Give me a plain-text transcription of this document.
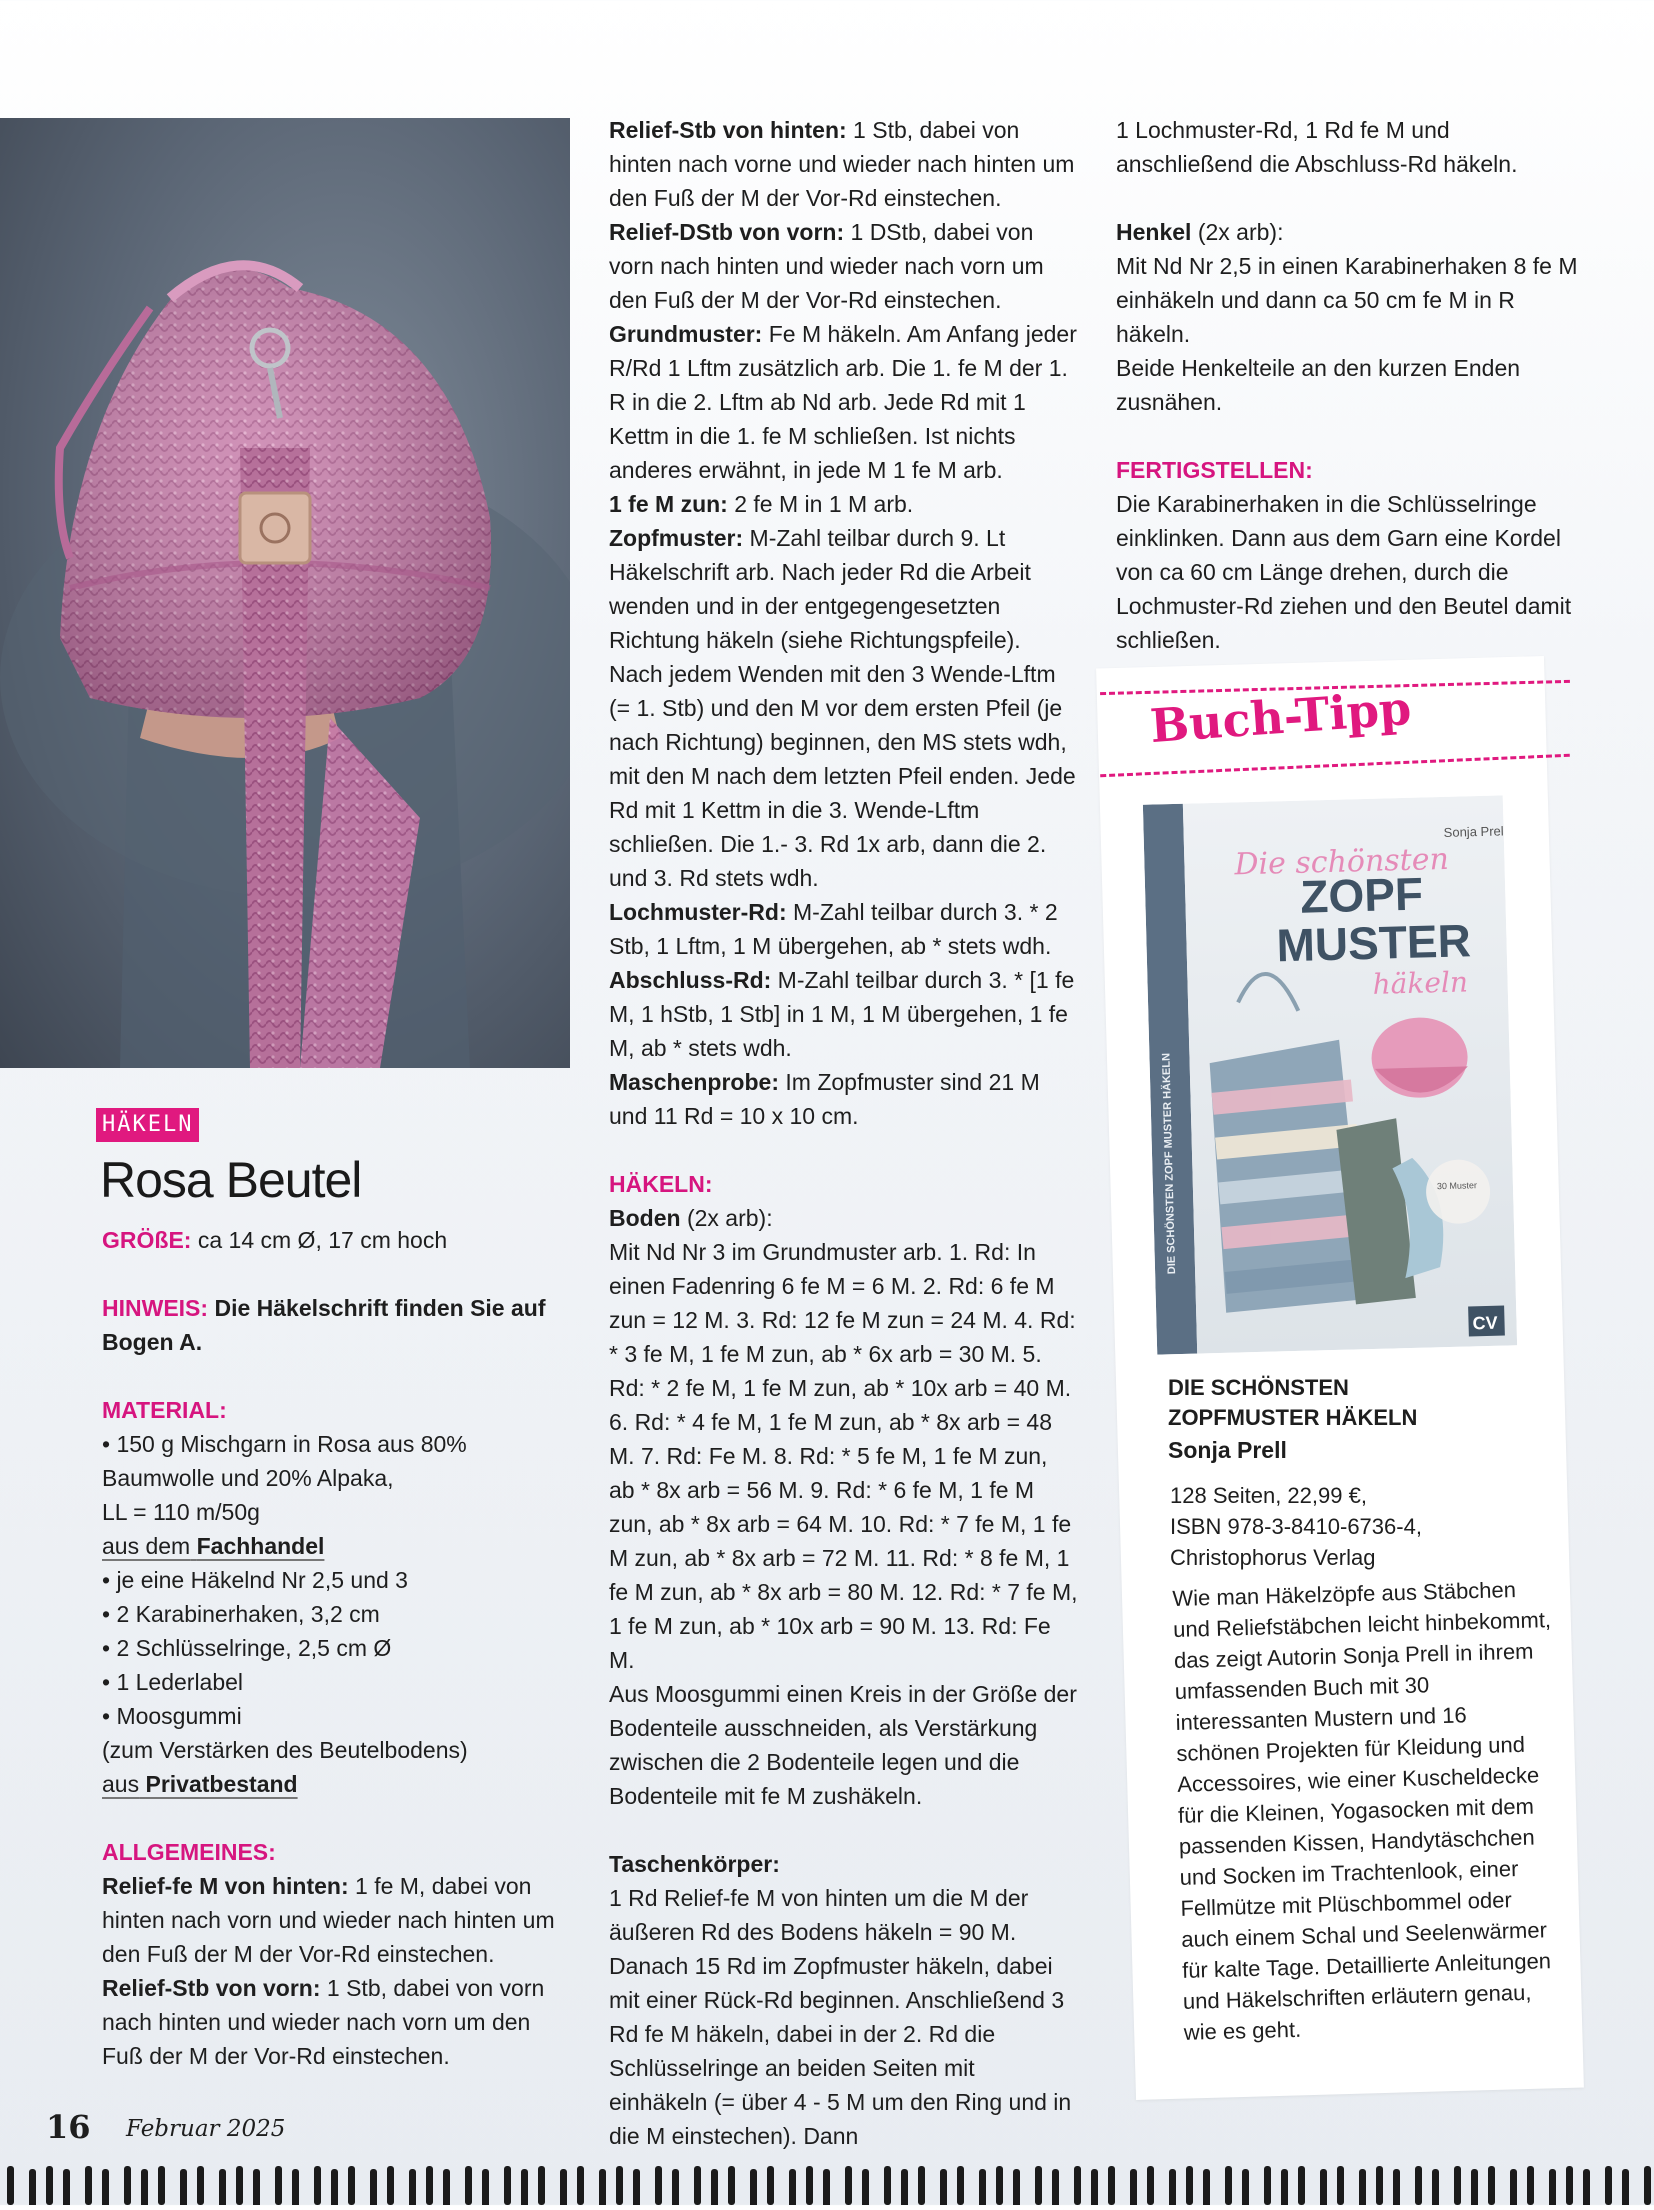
HÄKELN
Rosa Beutel

GRÖßE: ca 14 cm Ø, 17 cm hoch

HINWEIS: Die Häkelschrift finden Sie auf Bogen A.

MATERIAL:

• 150 g Mischgarn in Rosa aus 80%

Baumwolle und 20% Alpaka,

LL = 110 m/50g

aus dem Fachhandel

• je eine Häkelnd Nr 2,5 und 3

• 2 Karabinerhaken, 3,2 cm

• 2 Schlüsselringe, 2,5 cm Ø

• 1 Lederlabel

• Moosgummi

(zum Verstärken des Beutelbodens)

aus Privatbestand

ALLGEMEINES:

Relief-fe M von hinten: 1 fe M, dabei von hinten nach vorn und wieder nach hinten um den Fuß der M der Vor-Rd einstechen.

Relief-Stb von vorn: 1 Stb, dabei von vorn nach hinten und wieder nach vorn um den Fuß der M der Vor-Rd einstechen.

Relief-Stb von hinten: 1 Stb, dabei von hinten nach vorne und wieder nach hinten um den Fuß der M der Vor-Rd einstechen.

Relief-DStb von vorn: 1 DStb, dabei von vorn nach hinten und wieder nach vorn um den Fuß der M der Vor-Rd einstechen.

Grundmuster: Fe M häkeln. Am Anfang jeder R/Rd 1 Lftm zusätzlich arb. Die 1. fe M der 1. R in die 2. Lftm ab Nd arb. Jede Rd mit 1 Kettm in die 1. fe M schließen. Ist nichts anderes erwähnt, in jede M 1 fe M arb.

1 fe M zun: 2 fe M in 1 M arb.

Zopfmuster: M-Zahl teilbar durch 9. Lt Häkelschrift arb. Nach jeder Rd die Arbeit wenden und in der entgegengesetzten Richtung häkeln (siehe Richtungspfeile). Nach jedem Wenden mit den 3 Wende-Lftm (= 1. Stb) und den M vor dem ersten Pfeil (je nach Richtung) beginnen, den MS stets wdh, mit den M nach dem letzten Pfeil enden. Jede Rd mit 1 Kettm in die 3. Wende-Lftm schließen. Die 1.- 3. Rd 1x arb, dann die 2. und 3. Rd stets wdh.

Lochmuster-Rd: M-Zahl teilbar durch 3. * 2 Stb, 1 Lftm, 1 M übergehen, ab * stets wdh.

Abschluss-Rd: M-Zahl teilbar durch 3. * [1 fe M, 1 hStb, 1 Stb] in 1 M, 1 M übergehen, 1 fe M, ab * stets wdh.

Maschenprobe: Im Zopfmuster sind 21 M und 11 Rd = 10 x 10 cm.

HÄKELN:

Boden (2x arb):

Mit Nd Nr 3 im Grundmuster arb. 1. Rd: In einen Fadenring 6 fe M = 6 M. 2. Rd: 6 fe M zun = 12 M. 3. Rd: 12 fe M zun = 24 M. 4. Rd: * 3 fe M, 1 fe M zun, ab * 6x arb = 30 M. 5. Rd: * 2 fe M, 1 fe M zun, ab * 10x arb = 40 M. 6. Rd: * 4 fe M, 1 fe M zun, ab * 8x arb = 48 M. 7. Rd: Fe M. 8. Rd: * 5 fe M, 1 fe M zun, ab * 8x arb = 56 M. 9. Rd: * 6 fe M, 1 fe M zun, ab * 8x arb = 64 M. 10. Rd: * 7 fe M, 1 fe M zun, ab * 8x arb = 72 M. 11. Rd: * 8 fe M, 1 fe M zun, ab * 8x arb = 80 M. 12. Rd: * 7 fe M, 1 fe M zun, ab * 10x arb = 90 M. 13. Rd: Fe M.

Aus Moosgummi einen Kreis in der Größe der Bodenteile ausschneiden, als Verstärkung zwischen die 2 Bodenteile legen und die Bodenteile mit fe M zushäkeln.

Taschenkörper:

1 Rd Relief-fe M von hinten um die M der äußeren Rd des Bodens häkeln = 90 M. Danach 15 Rd im Zopfmuster häkeln, dabei mit einer Rück-Rd beginnen. Anschließend 3 Rd fe M häkeln, dabei in der 2. Rd die Schlüsselringe an beiden Seiten mit einhäkeln (= über 4 - 5 M um den Ring und in die M einstechen). Dann

1 Lochmuster-Rd, 1 Rd fe M und anschließend die Abschluss-Rd häkeln.

Henkel (2x arb):

Mit Nd Nr 2,5 in einen Karabinerhaken 8 fe M einhäkeln und dann ca 50 cm fe M in R häkeln.

Beide Henkelteile an den kurzen Enden zusnähen.

FERTIGSTELLEN:

Die Karabinerhaken in die Schlüsselringe einklinken. Dann aus dem Garn eine Kordel von ca 60 cm Länge drehen, durch die Lochmuster-Rd ziehen und den Beutel damit schließen.

Buch-Tipp
DIE SCHÖNSTEN ZOPF MUSTER HÄKELN
Sonja Prell
Die schönsten
ZOPF
MUSTER
häkeln
30 Muster
CV
DIE SCHÖNSTEN
ZOPFMUSTER HÄKELN
Sonja Prell
128 Seiten, 22,99 €,
ISBN 978-3-8410-6736-4,
Christophorus Verlag
Wie man Häkelzöpfe aus Stäbchen und Reliefstäbchen leicht hinbekommt, das zeigt Autorin Sonja Prell in ihrem umfassenden Buch mit 30 interessanten Mustern und 16 schönen Projekten für Kleidung und Accessoires, wie einer Kuscheldecke für die Kleinen, Yogasocken mit dem passenden Kissen, Handytäschchen und Socken im Trachtenlook, einer Fellmütze mit Plüschbommel oder auch einem Schal und Seelenwärmer für kalte Tage. Detaillierte Anleitungen und Häkelschriften erläutern genau, wie es geht.
16 Februar 2025
